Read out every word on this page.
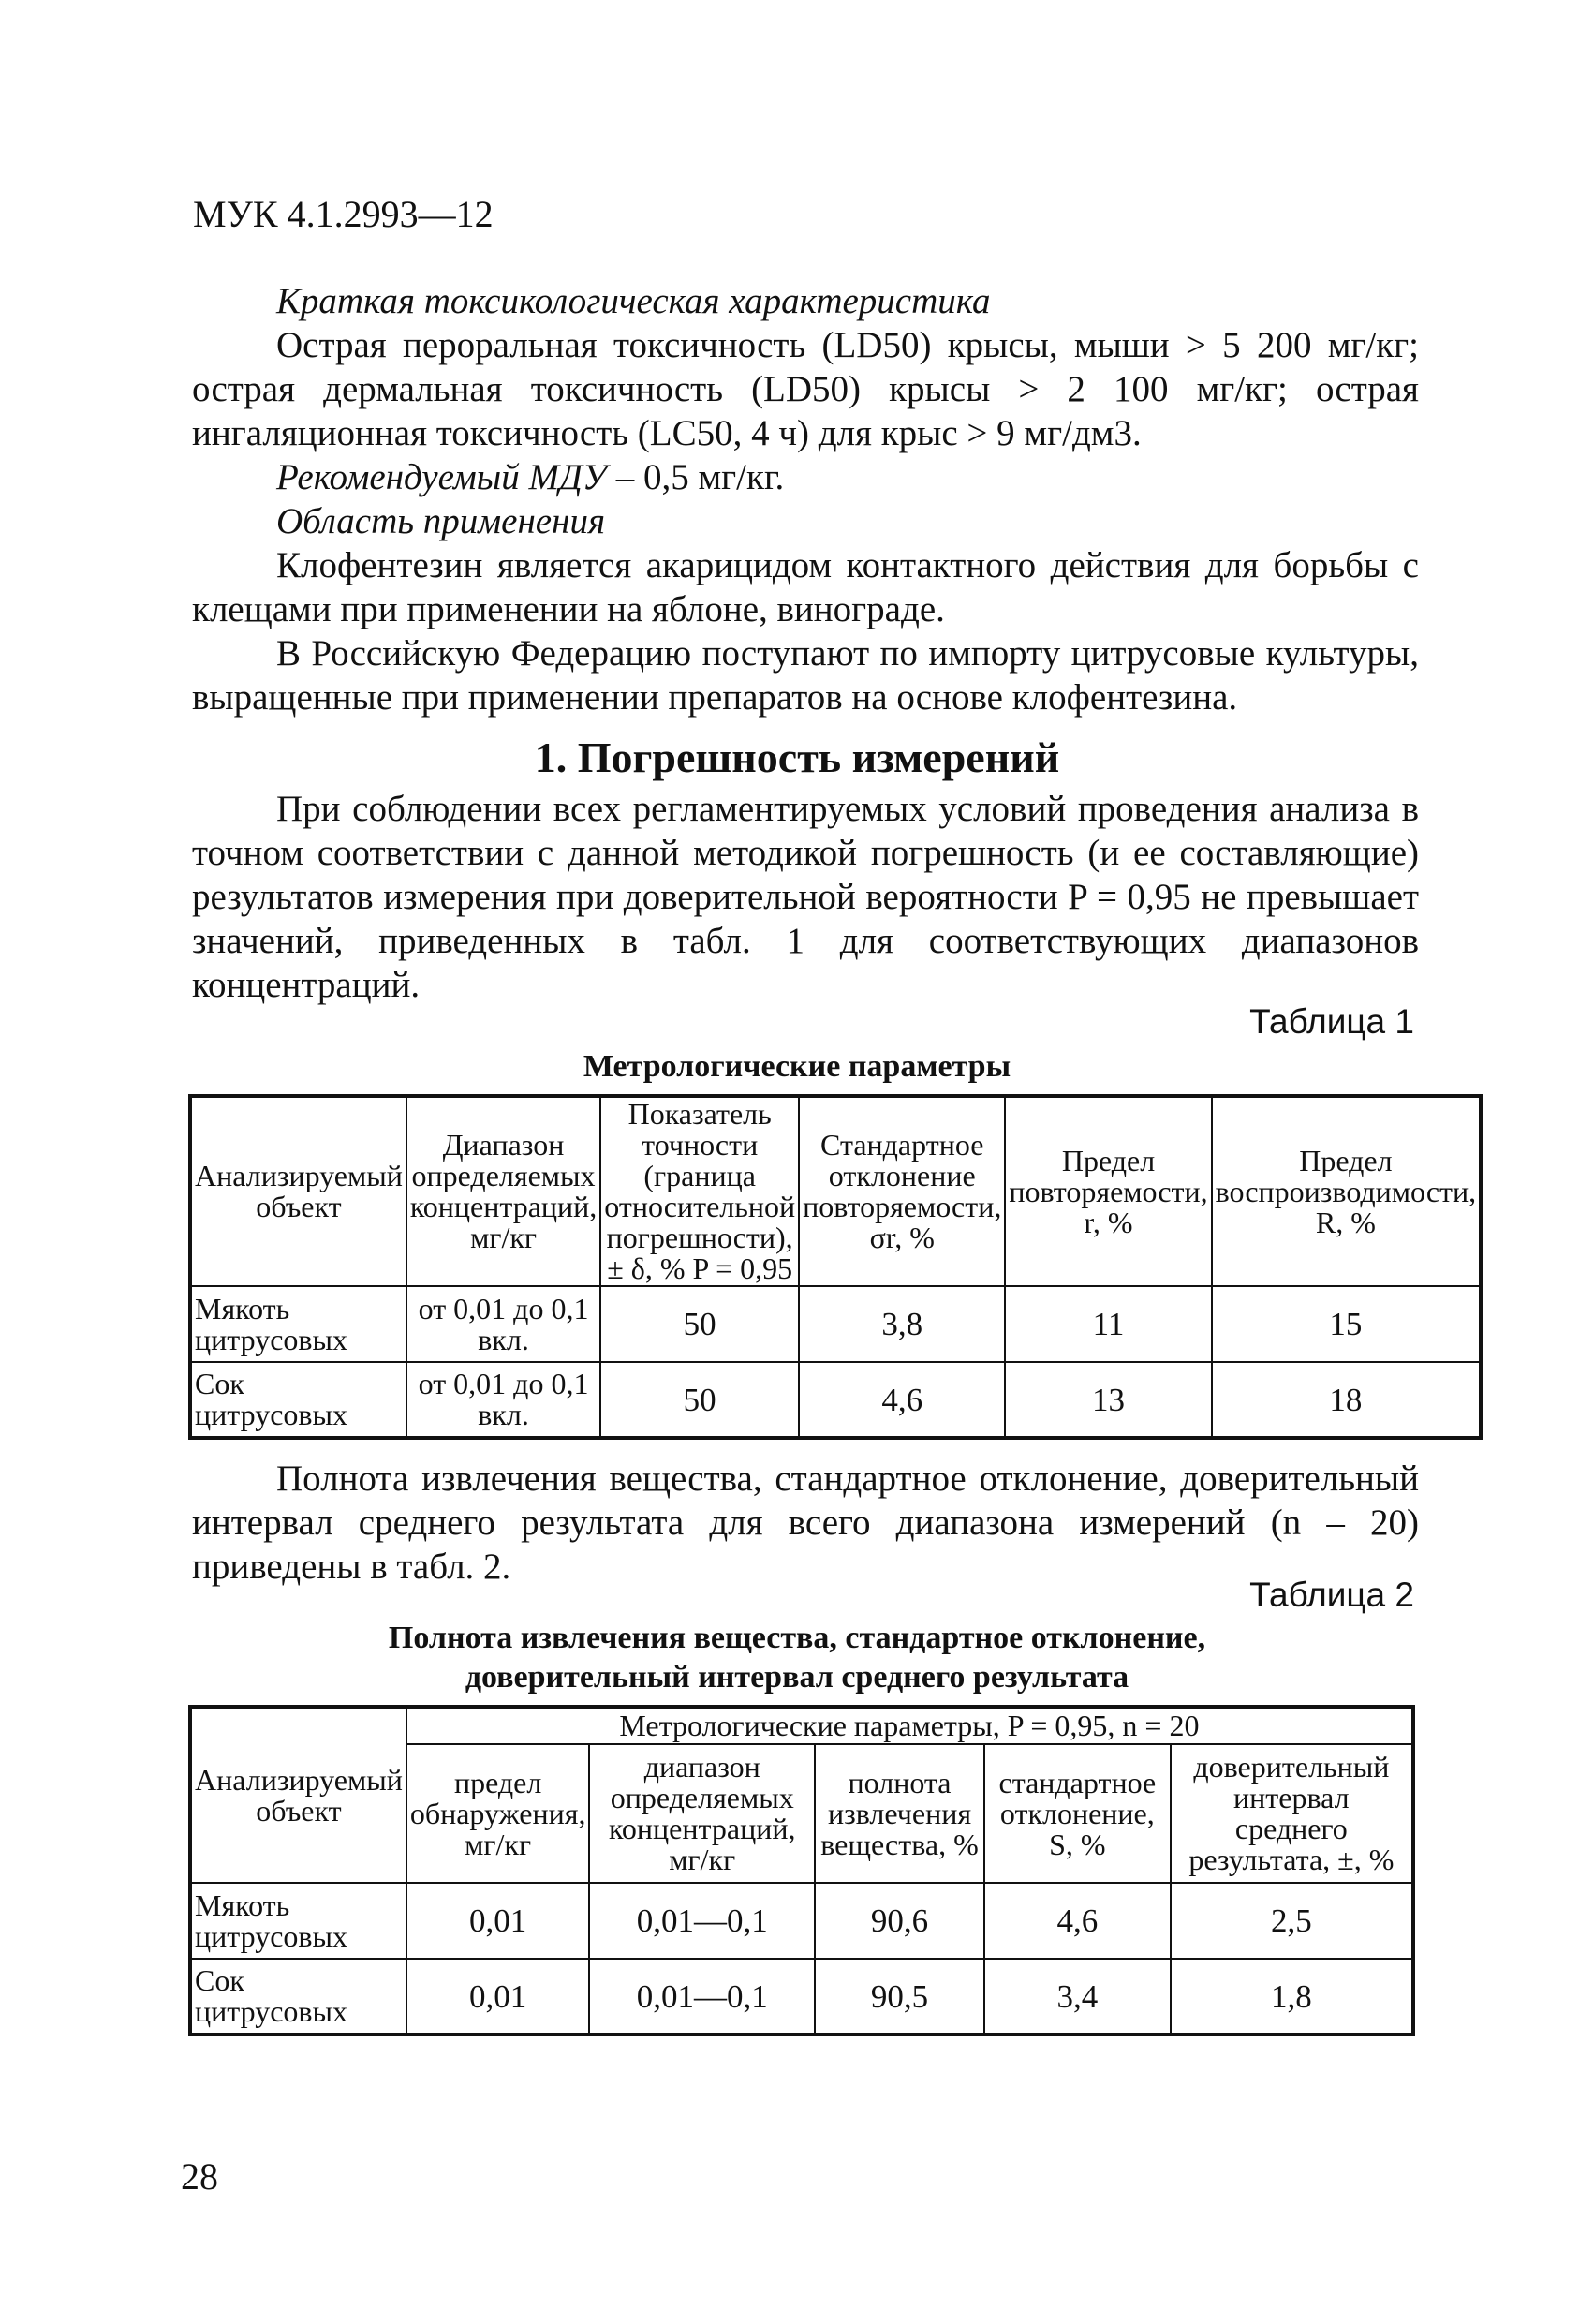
МУК 4.1.2993—12

Краткая токсикологическая характеристика

Острая пероральная токсичность (LD50) крысы, мыши > 5 200 мг/кг; острая дермальная токсичность (LD50) крысы > 2 100 мг/кг; острая ингаляционная токсичность (LC50, 4 ч) для крыс > 9 мг/дм3.

Рекомендуемый МДУ – 0,5 мг/кг.

Область применения

Клофентезин является акарицидом контактного действия для борьбы с клещами при применении на яблоне, винограде.

В Российскую Федерацию поступают по импорту цитрусовые культуры, выращенные при применении препаратов на основе клофентезина.

1. Погрешность измерений

При соблюдении всех регламентируемых условий проведения анализа в точном соответствии с данной методикой погрешность (и ее составляющие) результатов измерения при доверительной вероятности P = 0,95 не превышает значений, приведенных в табл. 1 для соответствующих диапазонов концентраций.

Таблица 1
Метрологические параметры
Анализируемый объект	Диапазон определяемых концентраций, мг/кг	Показатель точности (граница относительной погрешности), ± δ, % P = 0,95	Стандартное отклонение повторяемости, σr, %	Предел повторяемости, r, %	Предел воспроизводимости, R, %
Мякоть цитрусовых	от 0,01 до 0,1 вкл.	50	3,8	11	15
Сок цитрусовых	от 0,01 до 0,1 вкл.	50	4,6	13	18

Полнота извлечения вещества, стандартное отклонение, доверительный интервал среднего результата для всего диапазона измерений (n – 20) приведены в табл. 2.

Таблица 2
Полнота извлечения вещества, стандартное отклонение,
доверительный интервал среднего результата
Анализируемый объект	Метрологические параметры, P = 0,95, n = 20				
	предел обнаружения, мг/кг	диапазон определяемых концентраций, мг/кг	полнота извлечения вещества, %	стандартное отклонение, S, %	доверительный интервал среднего результата, ±, %
Мякоть цитрусовых	0,01	0,01—0,1	90,6	4,6	2,5
Сок цитрусовых	0,01	0,01—0,1	90,5	3,4	1,8
28
